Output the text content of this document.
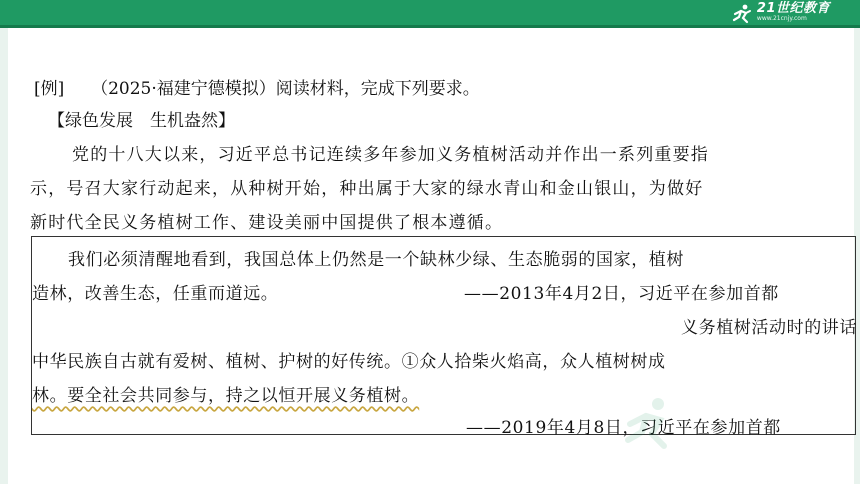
21世纪教育
www.21cnjy.com
[例] （2025·福建宁德模拟）阅读材料，完成下列要求。
【绿色发展　生机盎然】
党的十八大以来，习近平总书记连续多年参加义务植树活动并作出一系列重要指
示，号召大家行动起来，从种树开始，种出属于大家的绿水青山和金山银山，为做好
新时代全民义务植树工作、建设美丽中国提供了根本遵循。
我们必须清醒地看到，我国总体上仍然是一个缺林少绿、生态脆弱的国家，植树
造林，改善生态，任重而道远。	——2013年4月2日，习近平在参加首都
义务植树活动时的讲话
中华民族自古就有爱树、植树、护树的好传统。①众人拾柴火焰高，众人植树树成
林。要全社会共同参与，持之以恒开展义务植树。
——2019年4月8日，习近平在参加首都
